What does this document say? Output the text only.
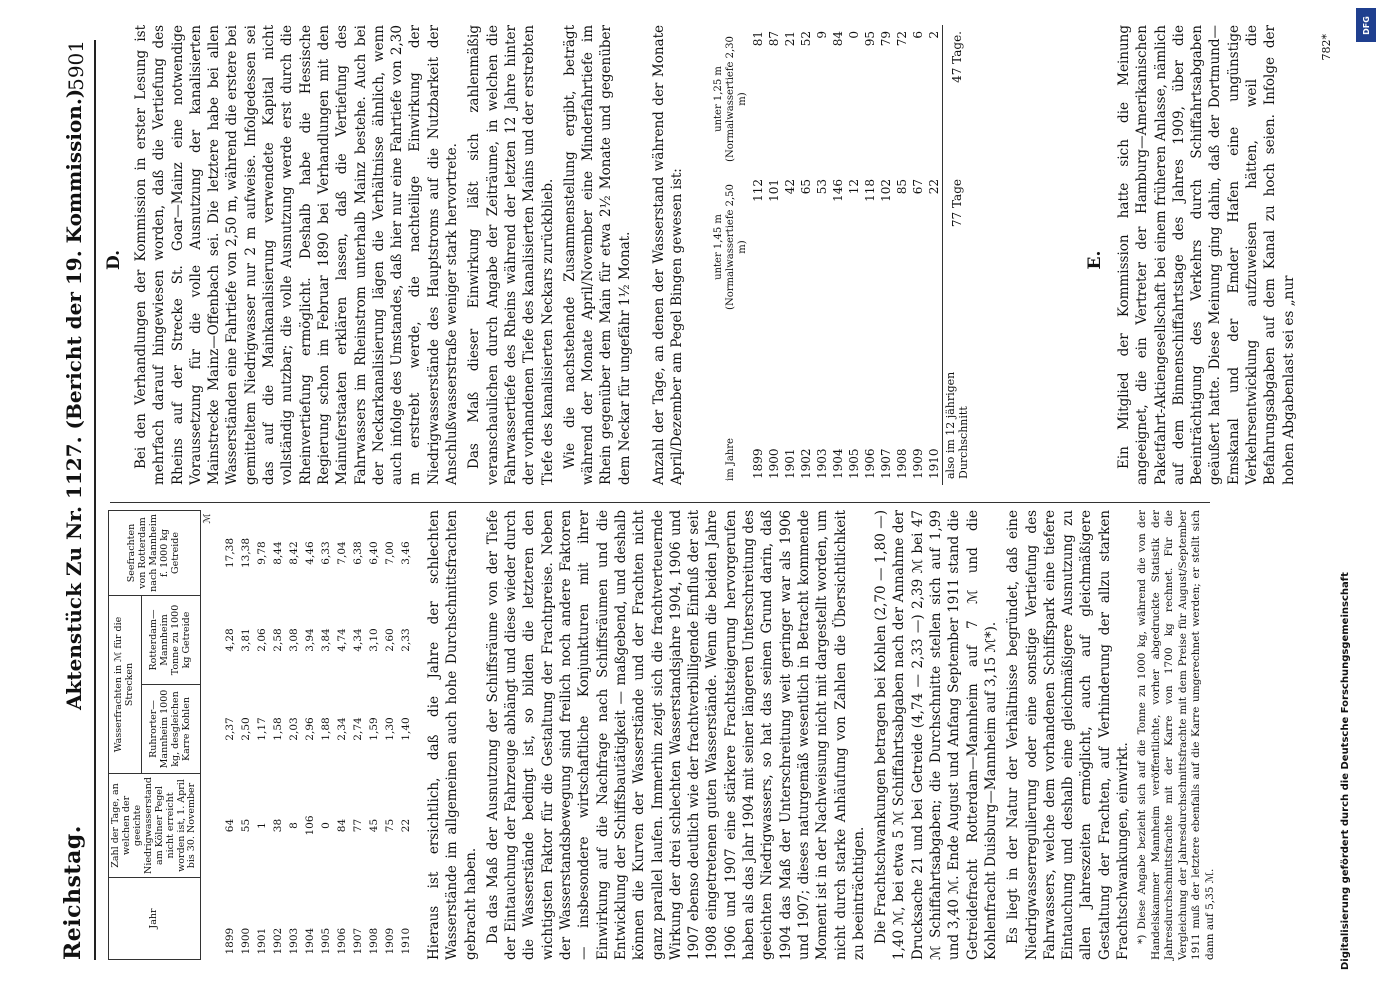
Reichstag.
Aktenstück Zu Nr. 1127. (Bericht der 19. Kommission.)
5901
Jahr	Zahl der Tage, an welchen der geeichte Niedrigwasserstand am Kölner Pegel nicht erreicht worden ist, 1. April bis 30. November	Wasserfrachten in ℳ für die Strecken		Seefrachten von Rotterdam nach Mannheim f. 1000 kg Getreide
		Ruhrorter—Mannheim 1000 kg, desgleichen Karre Kohlen	Rotterdam—Mannheim Tonne zu 1000 kg Getreide	
				ℳ
1899	64	2,37	4,28	17,38
1900	55	2,50	3,81	13,38
1901	1	1,17	2,06	9,78
1902	38	1,58	2,58	8,44
1903	8	2,03	3,08	8,42
1904	106	2,96	3,94	4,46
1905	0	1,88	3,84	6,33
1906	84	2,34	4,74	7,04
1907	77	2,74	4,34	6,38
1908	45	1,59	3,10	6,40
1909	75	1,30	2,60	7,00
1910	22	1,40	2,33	3,46 Hieraus ist ersichtlich, daß die Jahre der schlechten Wasserstände im allgemeinen auch hohe Durchschnittsfrachten gebracht haben. Da das Maß der Ausnutzung der Schiffsräume von der Tiefe der Eintauchung der Fahrzeuge abhängt und diese wieder durch die Wasserstände bedingt ist, so bilden die letzteren den wichtigsten Faktor für die Gestaltung der Frachtpreise. Neben der Wasserstandsbewegung sind freilich noch andere Faktoren — insbesondere wirtschaftliche Konjunkturen mit ihrer Einwirkung auf die Nachfrage nach Schiffsräumen und die Entwicklung der Schiffsbautätigkeit — maßgebend, und deshalb können die Kurven der Wasserstände und der Frachten nicht ganz parallel laufen. Immerhin zeigt sich die frachtverteuernde Wirkung der drei schlechten Wasserstandsjahre 1904, 1906 und 1907 ebenso deutlich wie der frachtverbilligende Einfluß der seit 1908 eingetretenen guten Wasserstände. Wenn die beiden Jahre 1906 und 1907 eine stärkere Frachtsteigerung hervorgerufen haben als das Jahr 1904 mit seiner längeren Unterschreitung des geeichten Niedrigwassers, so hat das seinen Grund darin, daß 1904 das Maß der Unterschreitung weit geringer war als 1906 und 1907; dieses naturgemäß wesentlich in Betracht kommende Moment ist in der Nachweisung nicht mit dargestellt worden, um nicht durch starke Anhäufung von Zahlen die Übersichtlichkeit zu beeinträchtigen. Die Frachtschwankungen betragen bei Kohlen (2,70 — 1,80 —) 1,40 ℳ, bei etwa 5 ℳ Schiffahrtsabgaben nach der Annahme der Drucksache 21 und bei Getreide (4,74 — 2,33 —) 2,39 ℳ bei 47 ℳ Schiffahrtsabgaben; die Durchschnitte stellen sich auf 1,99 und 3,40 ℳ. Ende August und Anfang September 1911 stand die Getreidefracht Rotterdam—Mannheim auf 7 ℳ und die Kohlenfracht Duisburg—Mannheim auf 3,15 ℳ*). Es liegt in der Natur der Verhältnisse begründet, daß eine Niedrigwasserregulierung oder eine sonstige Vertiefung des Fahrwassers, welche dem vorhandenen Schiffspark eine tiefere Eintauchung und deshalb eine gleichmäßigere Ausnutzung zu allen Jahreszeiten ermöglicht, auch auf gleichmäßigere Gestaltung der Frachten, auf Verhinderung der allzu starken Frachtschwankungen, einwirkt. *) Diese Angabe bezieht sich auf die Tonne zu 1000 kg, während die von der Handelskammer Mannheim veröffentlichte, vorher abgedruckte Statistik der Jahresdurchschnittsfrachte mit der Karre von 1700 kg rechnet. Für die Vergleichung der Jahresdurchschnittsfrachte mit dem Preise für August/September 1911 muß der letztere ebenfalls auf die Karre umgerechnet werden; er stellt sich dann auf 5,35 ℳ.

D. Bei den Verhandlungen der Kommission in erster Lesung ist mehrfach darauf hingewiesen worden, daß die Vertiefung des Rheins auf der Strecke St. Goar—Mainz eine notwendige Voraussetzung für die volle Ausnutzung der kanalisierten Mainstrecke Mainz—Offenbach sei. Die letztere habe bei allen Wasserständen eine Fahrtiefe von 2,50 m, während die erstere bei gemitteltem Niedrigwasser nur 2 m aufweise. Infolgedessen sei das auf die Mainkanalisierung verwendete Kapital nicht vollständig nutzbar; die volle Ausnutzung werde erst durch die Rheinvertiefung ermöglicht. Deshalb habe die Hessische Regierung schon im Februar 1890 bei Verhandlungen mit den Mainuferstaaten erklären lassen, daß die Vertiefung des Fahrwassers im Rheinstrom unterhalb Mainz bestehe. Auch bei der Neckarkanalisierung lägen die Verhältnisse ähnlich, wenn auch infolge des Umstandes, daß hier nur eine Fahrtiefe von 2,30 m erstrebt werde, die nachteilige Einwirkung der Niedrigwasserstände des Hauptstroms auf die Nutzbarkeit der Anschlußwasserstraße weniger stark hervortrete. Das Maß dieser Einwirkung läßt sich zahlenmäßig veranschaulichen durch Angabe der Zeiträume, in welchen die Fahrwassertiefe des Rheins während der letzten 12 Jahre hinter der vorhandenen Tiefe des kanalisierten Mains und der erstrebten Tiefe des kanalisierten Neckars zurückblieb. Wie die nachstehende Zusammenstellung ergibt, beträgt während der Monate April/November eine Minderfahrtiefe im Rhein gegenüber dem Main für etwa 2¹⁄₂ Monate und gegenüber dem Neckar für ungefähr 1¹⁄₂ Monat. Anzahl der Tage, an denen der Wasserstand während der Monate April/Dezember am Pegel Bingen gewesen ist:	im Jahre	unter 1,45 m (Normalwassertiefe 2,50 m)	unter 1,25 m (Normalwassertiefe 2,30 m)
1899	112	81
1900	101	87
1901	42	21
1902	65	52
1903	53	9
1904	146	84
1905	12	0
1906	118	95
1907	102	79
1908	85	72
1909	67	6
1910	22	2
also im 12 jährigen Durchschnitt	77 Tage	47 Tage.
E. Ein Mitglied der Kommission hatte sich die Meinung angeeignet, die ein Vertreter der Hamburg—Amerikanischen Paketfahrt-Aktiengesellschaft bei einem früheren Anlasse, nämlich auf dem Binnenschiffahrtstage des Jahres 1909, über die Beeinträchtigung des Verkehrs durch Schiffahrtsabgaben geäußert hatte. Diese Meinung ging dahin, daß der Dortmund—Emskanal und der Emder Hafen eine ungünstige Verkehrsentwicklung aufzuweisen hätten, weil die Befahrungsabgaben auf dem Kanal zu hoch seien. Infolge der hohen Abgabenlast sei es „nur

782*
Digitalisierung gefördert durch die Deutsche Forschungsgemeinschaft
DFG
